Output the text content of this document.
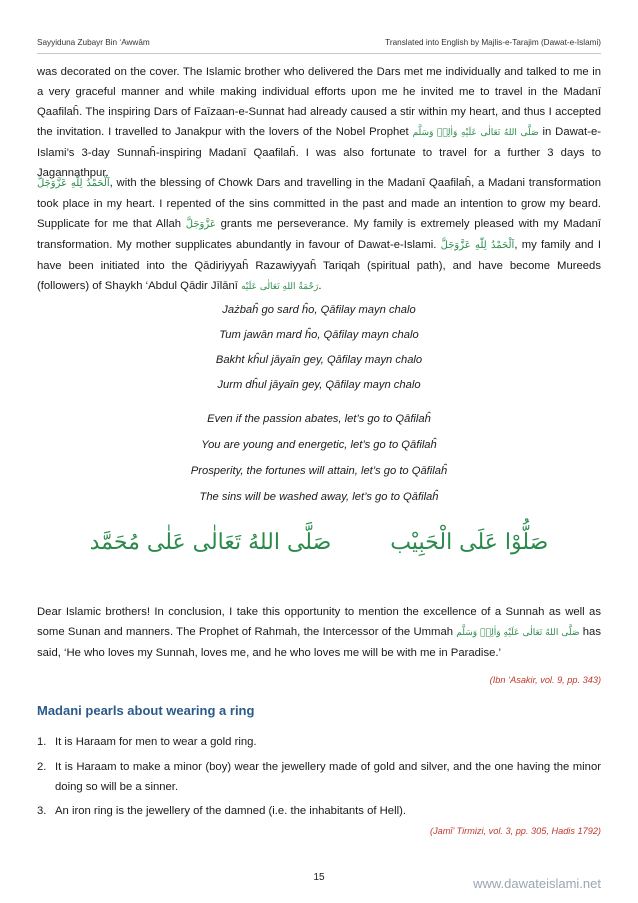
Sayyiduna Zubayr Bin ‘Awwām	Translated into English by Majlis-e-Tarajim (Dawat-e-Islami)

was decorated on the cover. The Islamic brother who delivered the Dars met me individually and talked to me in a very graceful manner and while making individual efforts upon me he invited me to travel in the Madanī Qaafilaĥ. The inspiring Dars of Faīzaan-e-Sunnat had already caused a stir within my heart, and thus I accepted the invitation. I travelled to Janakpur with the lovers of the Nobel Prophet صَلَّى اللهُ تَعَالٰى عَلَيْهِ وَاٰلِهٖ وَسَلَّم in Dawat-e-Islami’s 3-day Sunnaĥ-inspiring Madanī Qaafilaĥ. I was also fortunate to travel for a further 3 days to Jagannathpur.

اَلْحَمْدُ لِلّٰهِ عَزَّوَجَلَّ, with the blessing of Chowk Dars and travelling in the Madanī Qaafilaĥ, a Madani transformation took place in my heart. I repented of the sins committed in the past and made an intention to grow my beard. Supplicate for me that Allah عَزَّوَجَلَّ grants me perseverance. My family is extremely pleased with my Madanī transformation. My mother supplicates abundantly in favour of Dawat-e-Islami. اَلْحَمْدُ لِلّٰهِ عَزَّوَجَلَّ, my family and I have been initiated into the Qādiriyyaĥ Razawiyyaĥ Tariqah (spiritual path), and have become Mureeds (followers) of Shaykh ‘Abdul Qādir Jīlānī رَحْمَةُ اللهِ تَعَالٰى عَلَيْه.

Jażbaĥ go sard ĥo, Qāfilay mayn chalo
Tum jawān mard ĥo, Qāfilay mayn chalo
Bakht kĥul jāyaīn gey, Qāfilay mayn chalo
Jurm dĥul jāyaīn gey, Qāfilay mayn chalo
Even if the passion abates, let’s go to Qāfilaĥ
You are young and energetic, let’s go to Qāfilaĥ
Prosperity, the fortunes will attain, let’s go to Qāfilaĥ
The sins will be washed away, let’s go to Qāfilaĥ
صَلُّوْا عَلَى الْحَبِيْب صَلَّى اللهُ تَعَالٰى عَلٰى مُحَمَّد

Dear Islamic brothers! In conclusion, I take this opportunity to mention the excellence of a Sunnah as well as some Sunan and manners. The Prophet of Rahmah, the Intercessor of the Ummah صَلَّى اللهُ تَعَالٰى عَلَيْهِ وَاٰلِهٖ وَسَلَّم has said, ‘He who loves my Sunnah, loves me, and he who loves me will be with me in Paradise.’

(Ibn ‘Asakir, vol. 9, pp. 343)
Madani pearls about wearing a ring
1. It is Haraam for men to wear a gold ring.
2. It is Haraam to make a minor (boy) wear the jewellery made of gold and silver, and the one having the minor doing so will be a sinner.
3. An iron ring is the jewellery of the damned (i.e. the inhabitants of Hell).
(Jamī’ Tirmizi, vol. 3, pp. 305, Hadis 1792)
15	www.dawateislami.net
